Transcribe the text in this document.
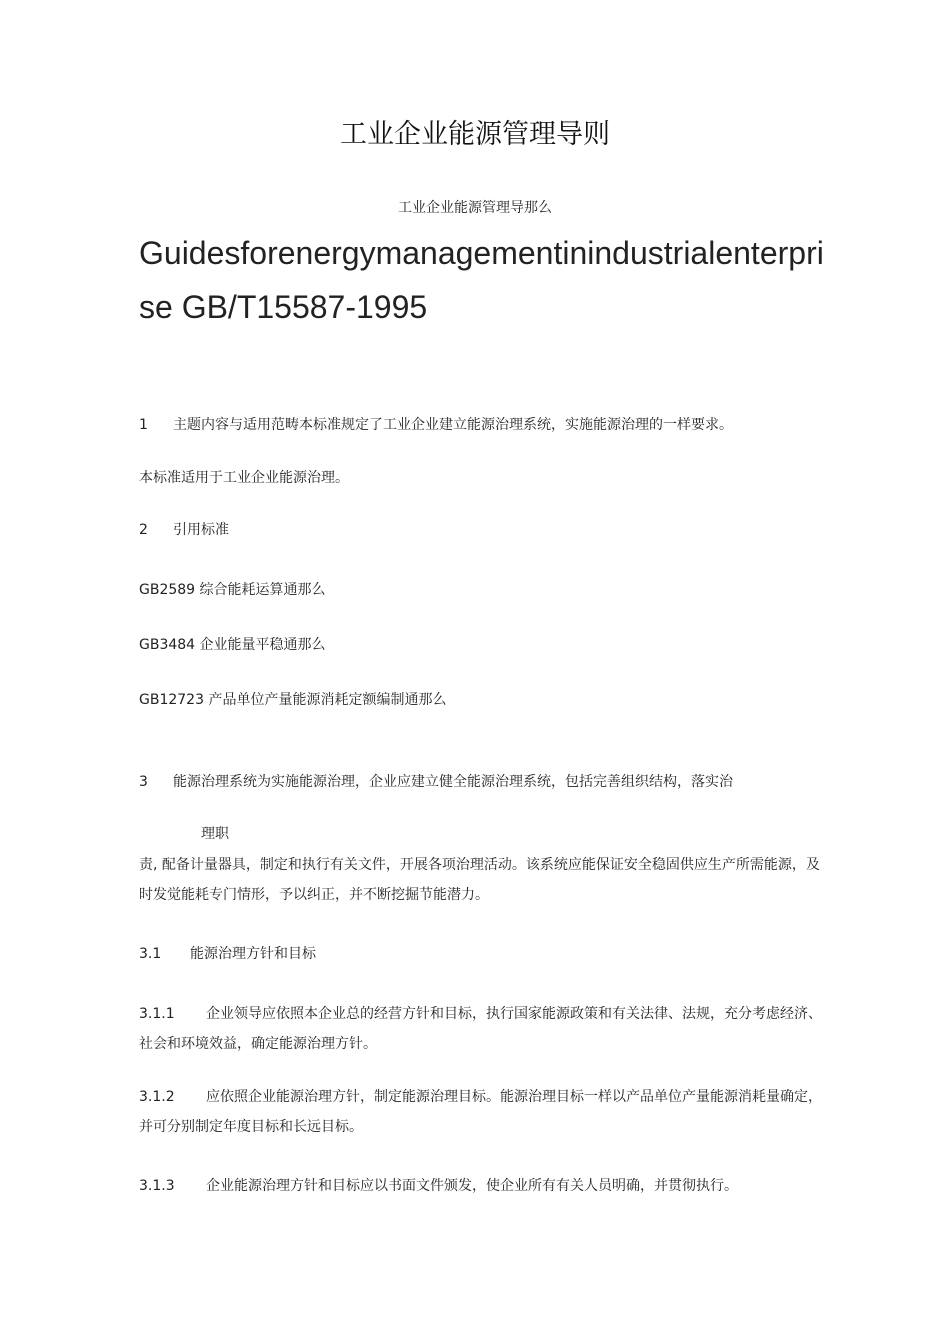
工业企业能源管理导则
工业企业能源管理导那么
Guidesforenergymanagementinindustrialenterprise GB/T15587-1995
1 主题内容与适用范畴本标准规定了工业企业建立能源治理系统，实施能源治理的一样要求。
本标准适用于工业企业能源治理。
2 引用标准
GB2589 综合能耗运算通那么
GB3484 企业能量平稳通那么
GB12723 产品单位产量能源消耗定额编制通那么
3 能源治理系统为实施能源治理，企业应建立健全能源治理系统，包括完善组织结构，落实治
理职
责, 配备计量器具，制定和执行有关文件，开展各项治理活动。该系统应能保证安全稳固供应生产所需能源，及时发觉能耗专门情形，予以纠正，并不断挖掘节能潜力。
3.1 能源治理方针和目标
3.1.1 企业领导应依照本企业总的经营方针和目标，执行国家能源政策和有关法律、法规，充分考虑经济、社会和环境效益，确定能源治理方针。
3.1.2 应依照企业能源治理方针，制定能源治理目标。能源治理目标一样以产品单位产量能源消耗量确定，并可分别制定年度目标和长远目标。
3.1.3 企业能源治理方针和目标应以书面文件颁发，使企业所有有关人员明确，并贯彻执行。
